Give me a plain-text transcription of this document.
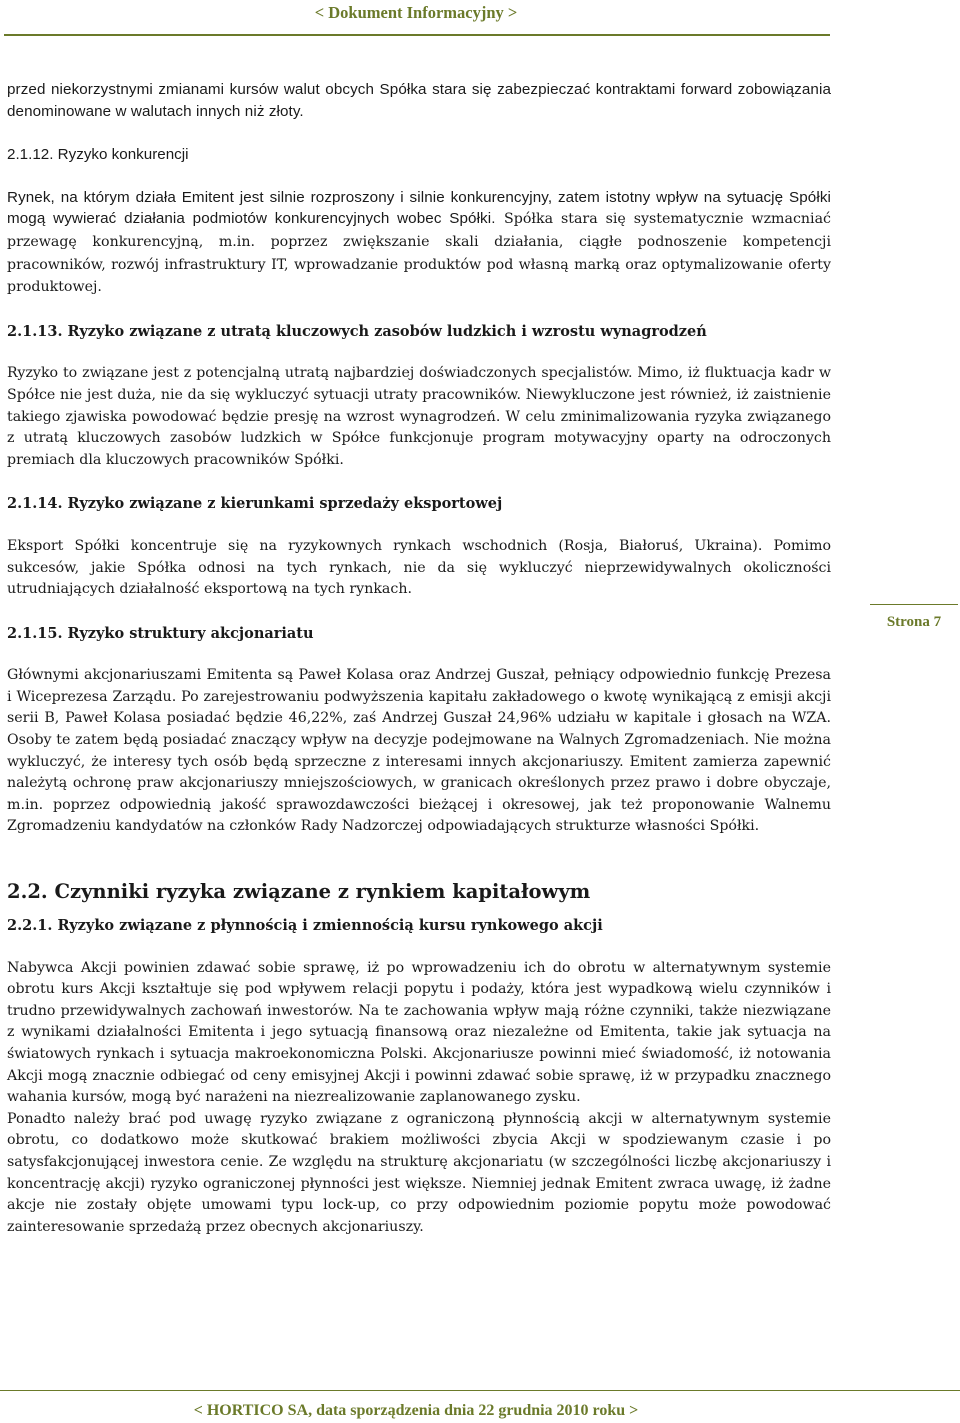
< Dokument Informacyjny >

przed niekorzystnymi zmianami kursów walut obcych Spółka stara się zabezpieczać kontraktami forward zobowiązania denominowane w walutach innych niż złoty.

2.1.12. Ryzyko konkurencji

Rynek, na którym działa Emitent jest silnie rozproszony i silnie konkurencyjny, zatem istotny wpływ na sytuację Spółki mogą wywierać działania podmiotów konkurencyjnych wobec Spółki. Spółka stara się systematycznie wzmacniać przewagę konkurencyjną, m.in. poprzez zwiększanie skali działania, ciągłe podnoszenie kompetencji pracowników, rozwój infrastruktury IT, wprowadzanie produktów pod własną marką oraz optymalizowanie oferty produktowej.

2.1.13. Ryzyko związane z utratą kluczowych zasobów ludzkich i wzrostu wynagrodzeń

Ryzyko to związane jest z potencjalną utratą najbardziej doświadczonych specjalistów. Mimo, iż fluktuacja kadr w Spółce nie jest duża, nie da się wykluczyć sytuacji utraty pracowników. Niewykluczone jest również, iż zaistnienie takiego zjawiska powodować będzie presję na wzrost wynagrodzeń. W celu zminimalizowania ryzyka związanego z utratą kluczowych zasobów ludzkich w Spółce funkcjonuje program motywacyjny oparty na odroczonych premiach dla kluczowych pracowników Spółki.

2.1.14. Ryzyko związane z kierunkami sprzedaży eksportowej

Eksport Spółki koncentruje się na ryzykownych rynkach wschodnich (Rosja, Białoruś, Ukraina). Pomimo sukcesów, jakie Spółka odnosi na tych rynkach, nie da się wykluczyć nieprzewidywalnych okoliczności utrudniających działalność eksportową na tych rynkach.

2.1.15. Ryzyko struktury akcjonariatu

Głównymi akcjonariuszami Emitenta są Paweł Kolasa oraz Andrzej Guszał, pełniący odpowiednio funkcję Prezesa i Wiceprezesa Zarządu. Po zarejestrowaniu podwyższenia kapitału zakładowego o kwotę wynikającą z emisji akcji serii B, Paweł Kolasa posiadać będzie 46,22%, zaś Andrzej Guszał 24,96% udziału w kapitale i głosach na WZA. Osoby te zatem będą posiadać znaczący wpływ na decyzje podejmowane na Walnych Zgromadzeniach. Nie można wykluczyć, że interesy tych osób będą sprzeczne z interesami innych akcjonariuszy. Emitent zamierza zapewnić należytą ochronę praw akcjonariuszy mniejszościowych, w granicach określonych przez prawo i dobre obyczaje, m.in. poprzez odpowiednią jakość sprawozdawczości bieżącej i okresowej, jak też proponowanie Walnemu Zgromadzeniu kandydatów na członków Rady Nadzorczej odpowiadających strukturze własności Spółki.

2.2. Czynniki ryzyka związane z rynkiem kapitałowym
2.2.1. Ryzyko związane z płynnością i zmiennością kursu rynkowego akcji

Nabywca Akcji powinien zdawać sobie sprawę, iż po wprowadzeniu ich do obrotu w alternatywnym systemie obrotu kurs Akcji kształtuje się pod wpływem relacji popytu i podaży, która jest wypadkową wielu czynników i trudno przewidywalnych zachowań inwestorów. Na te zachowania wpływ mają różne czynniki, także niezwiązane z wynikami działalności Emitenta i jego sytuacją finansową oraz niezależne od Emitenta, takie jak sytuacja na światowych rynkach i sytuacja makroekonomiczna Polski. Akcjonariusze powinni mieć świadomość, iż notowania Akcji mogą znacznie odbiegać od ceny emisyjnej Akcji i powinni zdawać sobie sprawę, iż w przypadku znacznego wahania kursów, mogą być narażeni na niezrealizowanie zaplanowanego zysku.

Ponadto należy brać pod uwagę ryzyko związane z ograniczoną płynnością akcji w alternatywnym systemie obrotu, co dodatkowo może skutkować brakiem możliwości zbycia Akcji w spodziewanym czasie i po satysfakcjonującej inwestora cenie. Ze względu na strukturę akcjonariatu (w szczególności liczbę akcjonariuszy i koncentrację akcji) ryzyko ograniczonej płynności jest większe. Niemniej jednak Emitent zwraca uwagę, iż żadne akcje nie zostały objęte umowami typu lock-up, co przy odpowiednim poziomie popytu może powodować zainteresowanie sprzedażą przez obecnych akcjonariuszy.

Strona 7
< HORTICO SA, data sporządzenia dnia 22 grudnia 2010 roku >
